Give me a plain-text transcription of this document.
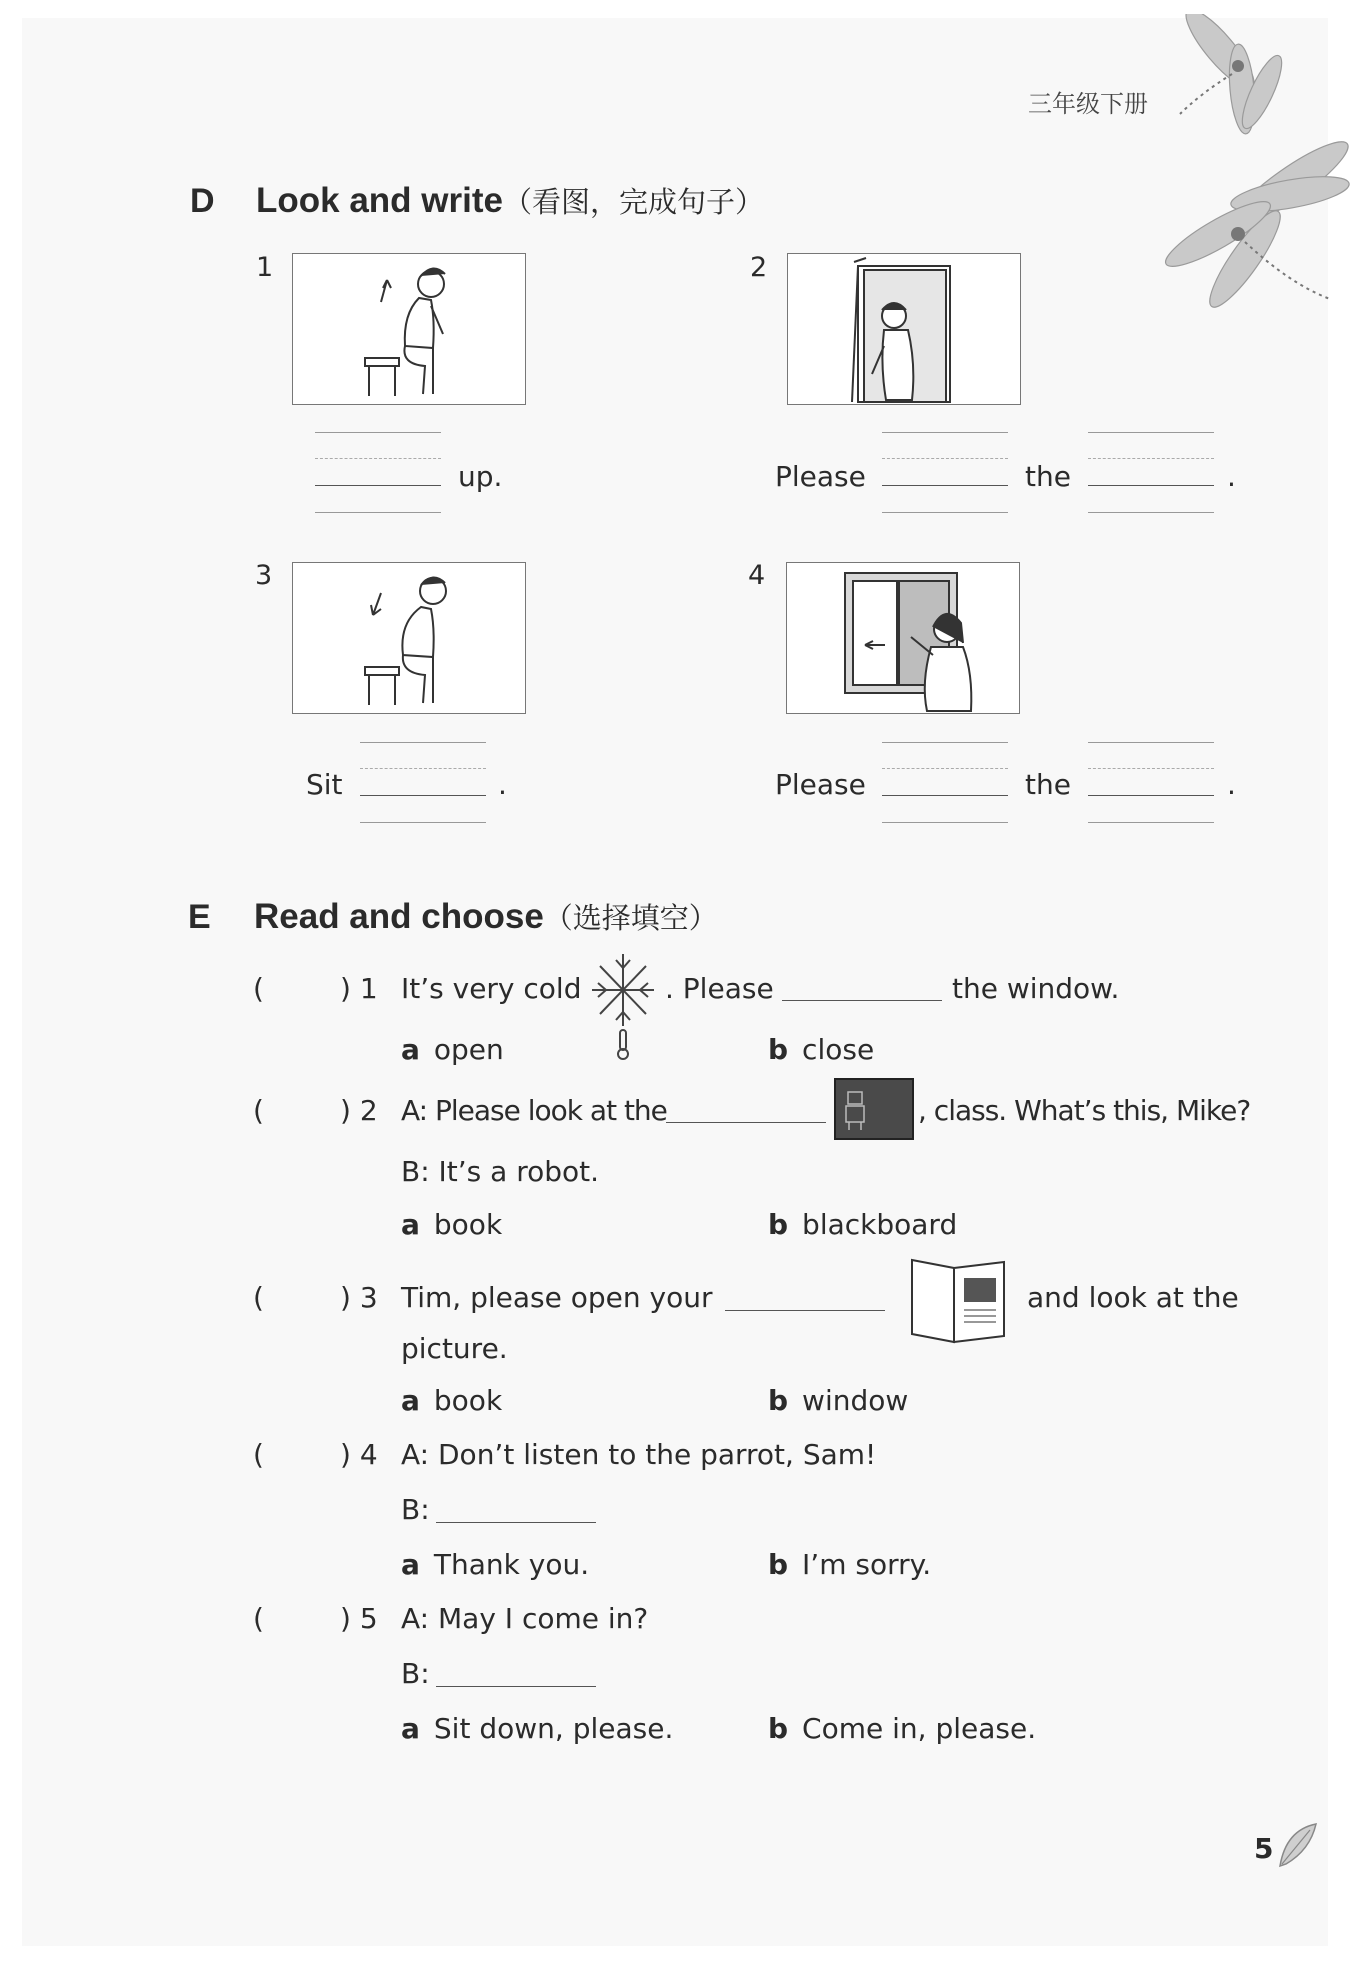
三年级下册
D Look and write（看图，完成句子）
1
up.
2
Please	the	.
3
Sit	.
4
Please	the	.
E Read and choose（选择填空）
(	) 1 It’s very cold	. Please	the window.
a open	b close
(	) 2 A: Please look at the	, class. What’s this, Mike?
B: It’s a robot.
a book	b blackboard
(	) 3 Tim, please open your	and look at the
picture.
a book	b window
(	) 4 A: Don’t listen to the parrot, Sam!
B:
a Thank you.	b I’m sorry.
(	) 5 A: May I come in?
B:
a Sit down, please.	b Come in, please.
5
